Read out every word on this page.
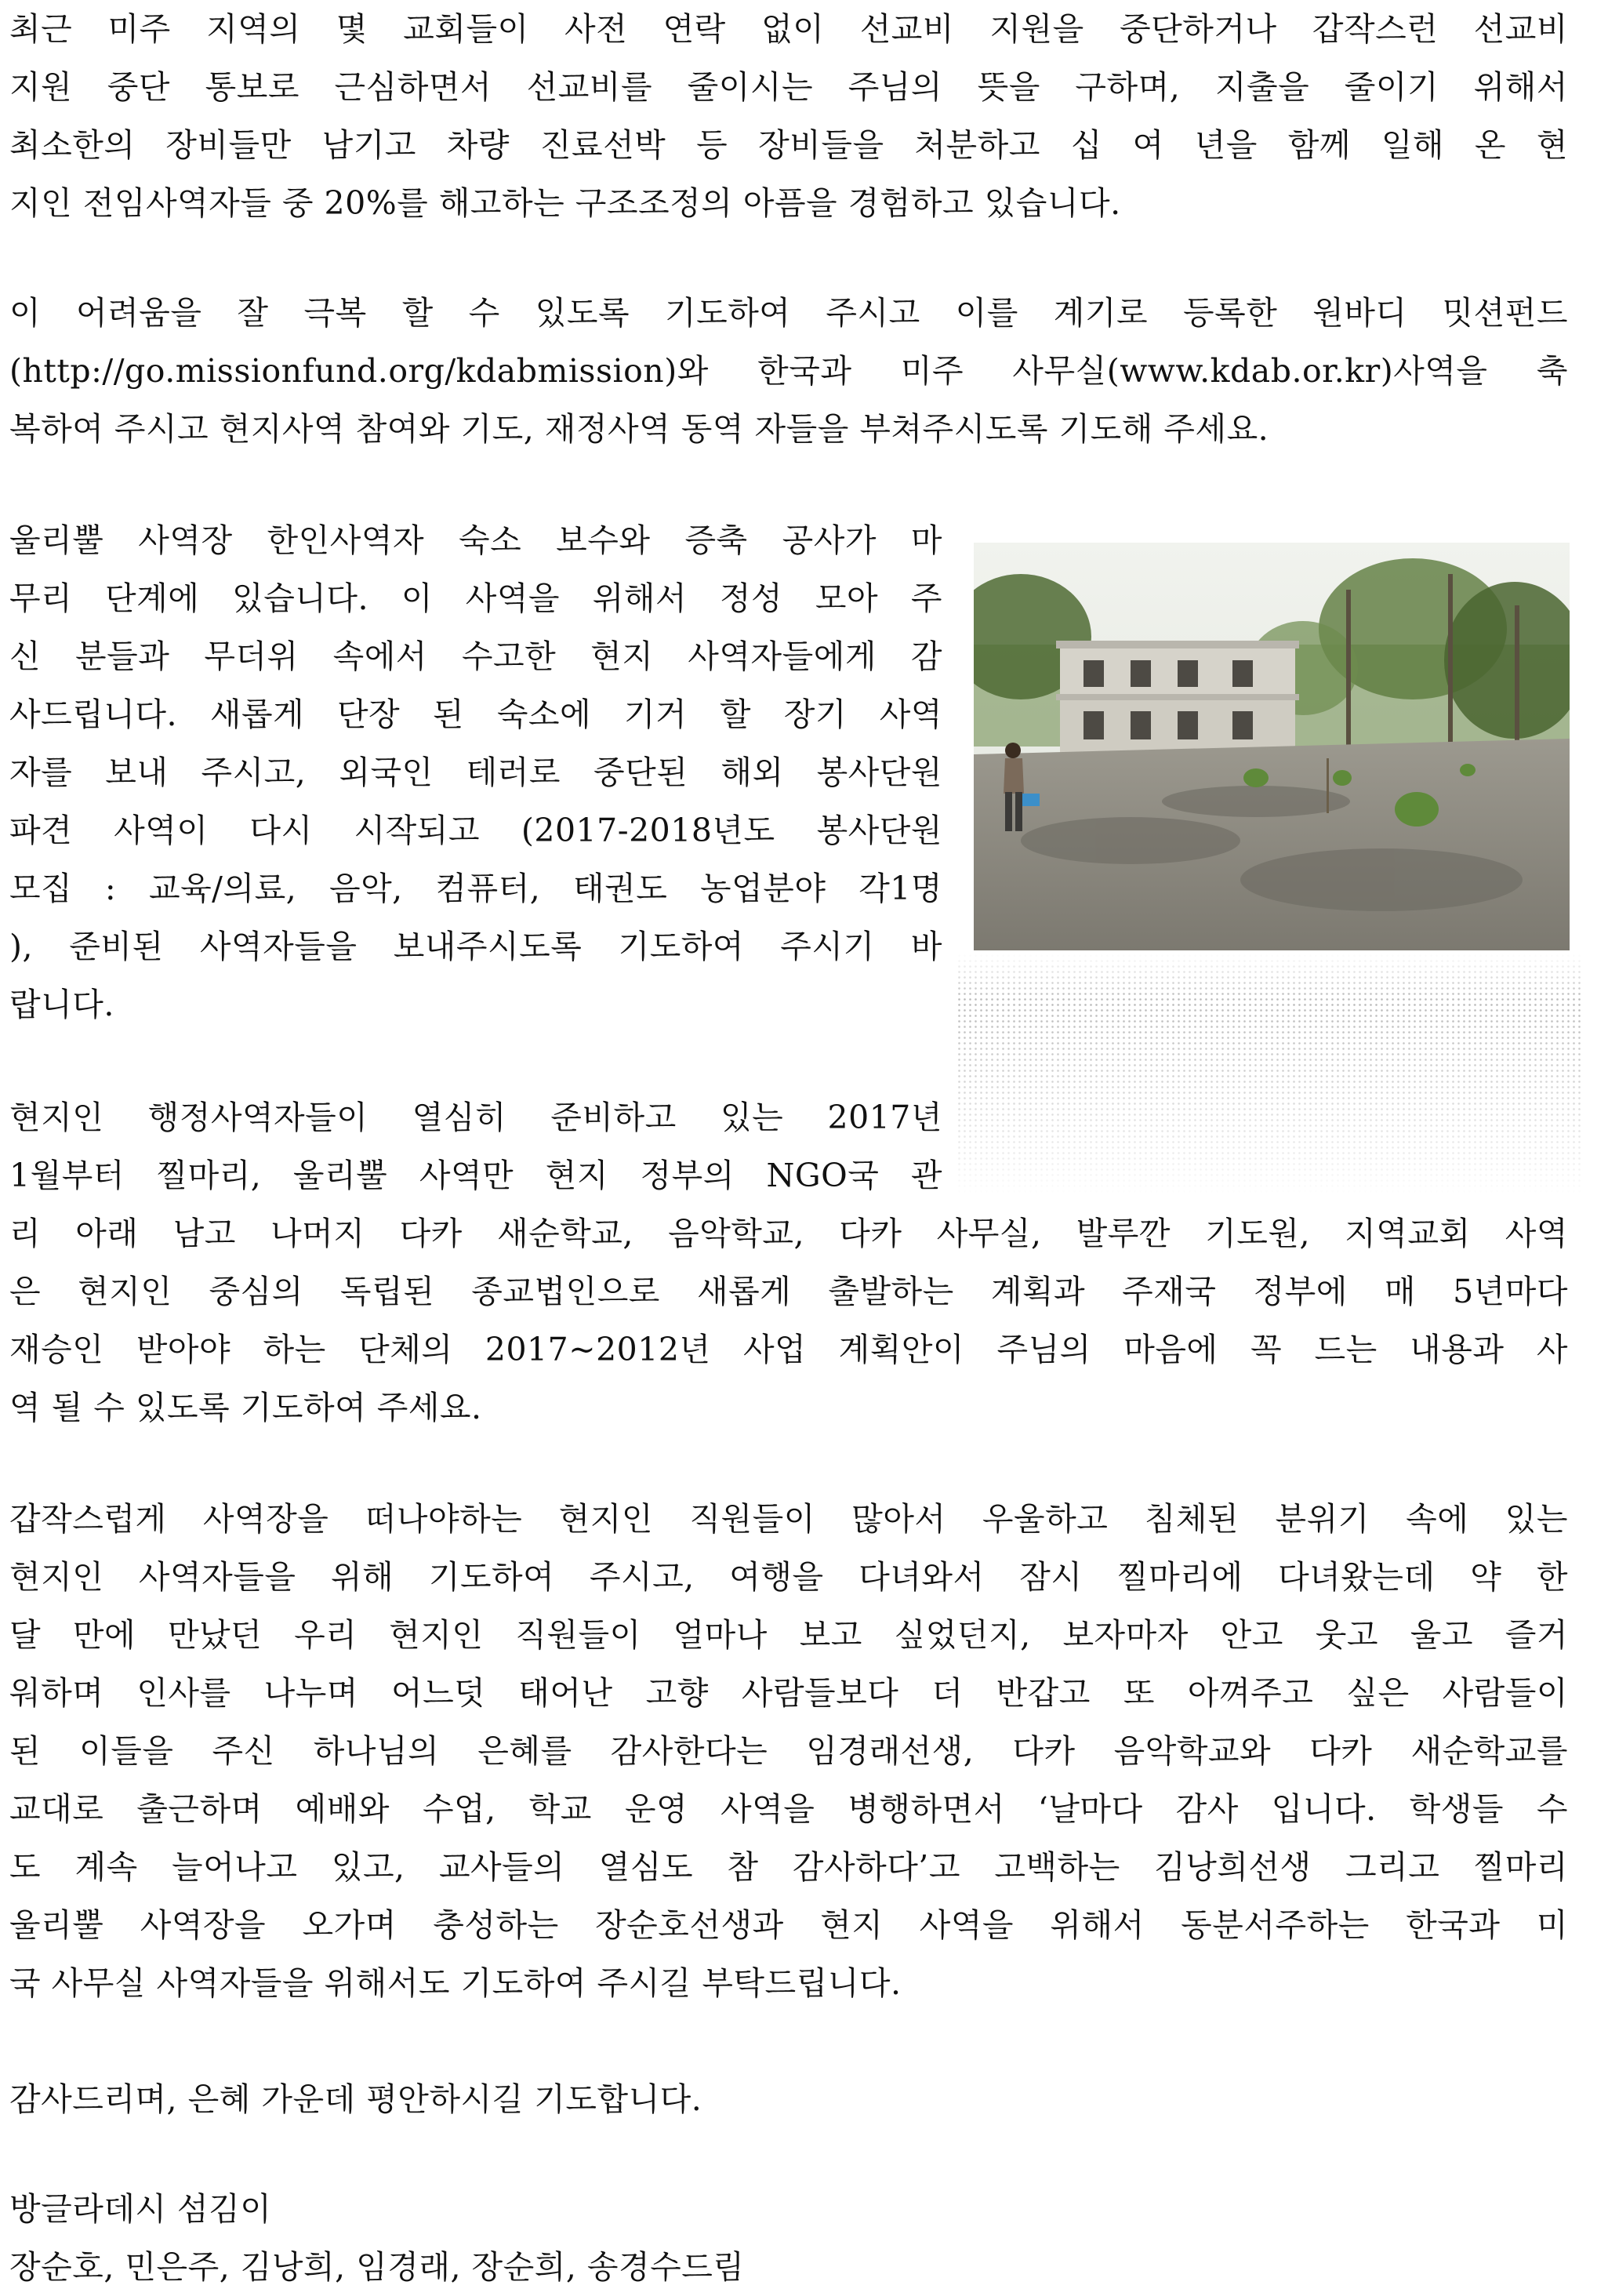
최근 미주 지역의 몇 교회들이 사전 연락 없이 선교비 지원을 중단하거나 갑작스런 선교비
지원 중단 통보로 근심하면서 선교비를 줄이시는 주님의 뜻을 구하며, 지출을 줄이기 위해서
최소한의 장비들만 남기고 차량 진료선박 등 장비들을 처분하고 십 여 년을 함께 일해 온 현
지인 전임사역자들 중 20%를 해고하는 구조조정의 아픔을 경험하고 있습니다.
이 어려움을 잘 극복 할 수 있도록 기도하여 주시고 이를 계기로 등록한 원바디 밋션펀드
(http://go.missionfund.org/kdabmission)와 한국과 미주 사무실(www.kdab.or.kr)사역을 축
복하여 주시고 현지사역 참여와 기도, 재정사역 동역 자들을 부쳐주시도록 기도해 주세요.
울리뿔 사역장 한인사역자 숙소 보수와 증축 공사가 마
무리 단계에 있습니다. 이 사역을 위해서 정성 모아 주
신 분들과 무더위 속에서 수고한 현지 사역자들에게 감
사드립니다. 새롭게 단장 된 숙소에 기거 할 장기 사역
자를 보내 주시고, 외국인 테러로 중단된 해외 봉사단원
파견 사역이 다시 시작되고 (2017-2018년도 봉사단원
모집 : 교육/의료, 음악, 컴퓨터, 태권도 농업분야 각1명
), 준비된 사역자들을 보내주시도록 기도하여 주시기 바
랍니다.
현지인 행정사역자들이 열심히 준비하고 있는 2017년
1월부터 찔마리, 울리뿔 사역만 현지 정부의 NGO국 관
리 아래 남고 나머지 다카 새순학교, 음악학교, 다카 사무실, 발루깐 기도원, 지역교회 사역
은 현지인 중심의 독립된 종교법인으로 새롭게 출발하는 계획과 주재국 정부에 매 5년마다
재승인 받아야 하는 단체의 2017~2012년 사업 계획안이 주님의 마음에 꼭 드는 내용과 사
역 될 수 있도록 기도하여 주세요.
갑작스럽게 사역장을 떠나야하는 현지인 직원들이 많아서 우울하고 침체된 분위기 속에 있는
현지인 사역자들을 위해 기도하여 주시고, 여행을 다녀와서 잠시 찔마리에 다녀왔는데 약 한
달 만에 만났던 우리 현지인 직원들이 얼마나 보고 싶었던지, 보자마자 안고 웃고 울고 즐거
워하며 인사를 나누며 어느덧 태어난 고향 사람들보다 더 반갑고 또 아껴주고 싶은 사람들이
된 이들을 주신 하나님의 은혜를 감사한다는 임경래선생, 다카 음악학교와 다카 새순학교를
교대로 출근하며 예배와 수업, 학교 운영 사역을 병행하면서 ‘날마다 감사 입니다. 학생들 수
도 계속 늘어나고 있고, 교사들의 열심도 참 감사하다’고 고백하는 김낭희선생 그리고 찔마리
울리뿔 사역장을 오가며 충성하는 장순호선생과 현지 사역을 위해서 동분서주하는 한국과 미
국 사무실 사역자들을 위해서도 기도하여 주시길 부탁드립니다.
감사드리며, 은혜 가운데 평안하시길 기도합니다.
방글라데시 섬김이
장순호, 민은주, 김낭희, 임경래, 장순희, 송경수드림
